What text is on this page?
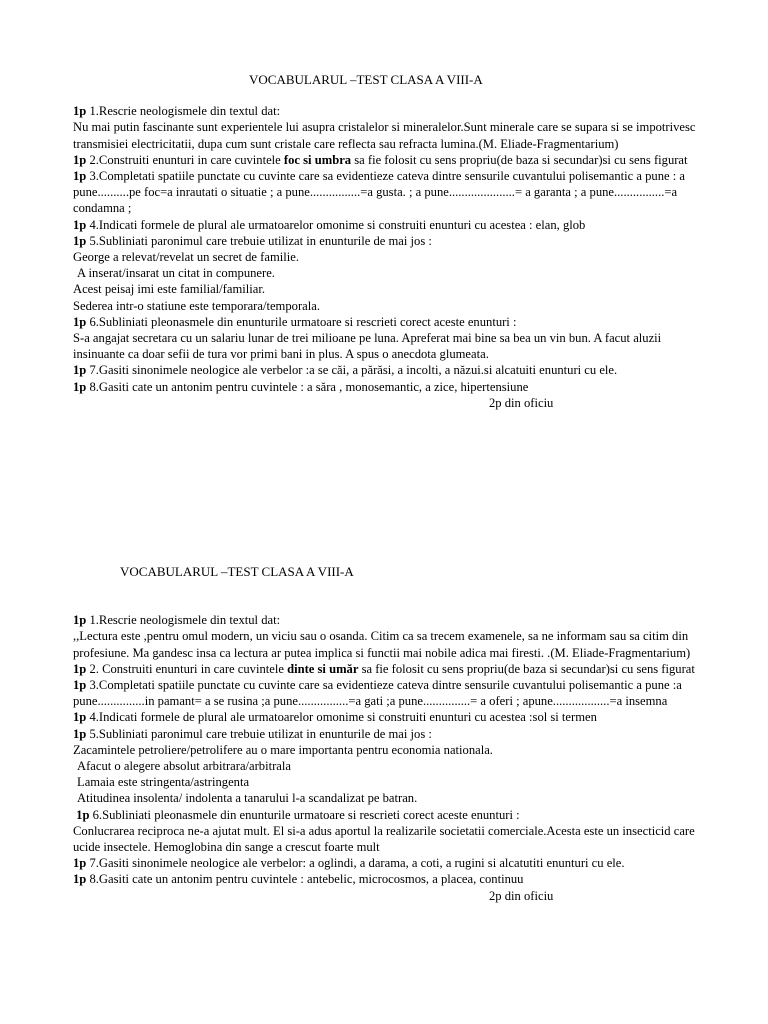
VOCABULARUL –TEST CLASA A VIII-A

1p 1.Rescrie neologismele din textul dat:

Nu mai putin fascinante sunt experientele lui asupra cristalelor si mineralelor.Sunt minerale care se supara si se impotrivesc transmisiei electricitatii, dupa cum sunt cristale care reflecta sau refracta lumina.(M. Eliade-Fragmentarium)

1p 2.Construiti enunturi in care cuvintele foc si umbra sa fie folosit cu sens propriu(de baza si secundar)si cu sens figurat

1p 3.Completati spatiile punctate cu cuvinte care sa evidentieze cateva dintre sensurile cuvantului polisemantic a pune : a pune..........pe foc=a inrautati o situatie ; a pune................=a gusta. ; a pune.....................= a garanta ; a pune................=a condamna ;

1p 4.Indicati formele de plural ale urmatoarelor omonime si construiti enunturi cu acestea : elan, glob

1p 5.Subliniati paronimul care trebuie utilizat in enunturile de mai jos :

George a relevat/revelat un secret de familie.

A inserat/insarat un citat in compunere.

Acest peisaj imi este familial/familiar.

Sederea intr-o statiune este temporara/temporala.

1p 6.Subliniati pleonasmele din enunturile urmatoare si rescrieti corect aceste enunturi :

S-a angajat secretara cu un salariu lunar de trei milioane pe luna. Apreferat mai bine sa bea un vin bun. A facut aluzii insinuante ca doar sefii de tura vor primi bani in plus. A spus o anecdota glumeata.

1p 7.Gasiti sinonimele neologice ale verbelor :a se căi, a părăsi, a incolti, a năzui.si alcatuiti enunturi cu ele.

1p 8.Gasiti cate un antonim pentru cuvintele : a săra , monosemantic, a zice, hipertensiune

2p din oficiu

VOCABULARUL –TEST CLASA A VIII-A

1p 1.Rescrie neologismele din textul dat:

,,Lectura este ,pentru omul modern, un viciu sau o osanda. Citim ca sa trecem examenele, sa ne informam sau sa citim din profesiune. Ma gandesc insa ca lectura ar putea implica si functii mai nobile adica mai firesti. .(M. Eliade-Fragmentarium)

1p 2. Construiti enunturi in care cuvintele dinte si umăr sa fie folosit cu sens propriu(de baza si secundar)si cu sens figurat

1p 3.Completati spatiile punctate cu cuvinte care sa evidentieze cateva dintre sensurile cuvantului polisemantic a pune :a pune...............in pamant= a se rusina ;a pune................=a gati ;a pune...............= a oferi ; apune..................=a insemna

1p 4.Indicati formele de plural ale urmatoarelor omonime si construiti enunturi cu acestea :sol si termen

1p 5.Subliniati paronimul care trebuie utilizat in enunturile de mai jos :

Zacamintele petroliere/petrolifere au o mare importanta pentru economia nationala.

Afacut o alegere absolut arbitrara/arbitrala

Lamaia este stringenta/astringenta

Atitudinea insolenta/ indolenta a tanarului l-a scandalizat pe batran.

1p 6.Subliniati pleonasmele din enunturile urmatoare si rescrieti corect aceste enunturi :

Conlucrarea reciproca ne-a ajutat mult. El si-a adus aportul la realizarile societatii comerciale.Acesta este un insecticid care ucide insectele. Hemoglobina din sange a crescut foarte mult

1p 7.Gasiti sinonimele neologice ale verbelor: a oglindi, a darama, a coti, a rugini si alcatutiti enunturi cu ele.

1p 8.Gasiti cate un antonim pentru cuvintele : antebelic, microcosmos, a placea, continuu

2p din oficiu
